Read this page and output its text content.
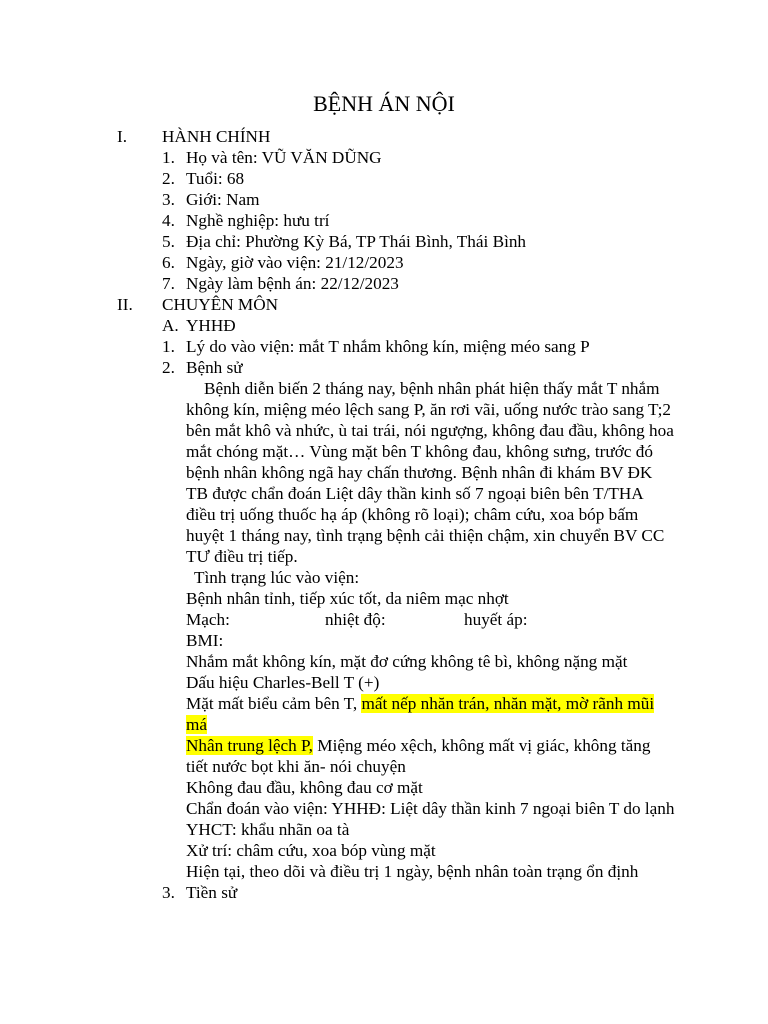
BỆNH ÁN NỘI
I. HÀNH CHÍNH
1. Họ và tên: VŨ VĂN DŨNG
2. Tuổi: 68
3. Giới: Nam
4. Nghề nghiệp: hưu trí
5. Địa chỉ: Phường Kỳ Bá, TP Thái Bình, Thái Bình
6. Ngày, giờ vào viện: 21/12/2023
7. Ngày làm bệnh án: 22/12/2023
II. CHUYÊN MÔN
A. YHHĐ
1. Lý do vào viện: mắt T nhắm không kín, miệng méo sang P
2. Bệnh sử
Bệnh diễn biến 2 tháng nay, bệnh nhân phát hiện thấy mắt T nhắm không kín, miệng méo lệch sang P, ăn rơi vãi, uống nước trào sang T;2 bên mắt khô và nhức, ù tai trái, nói ngượng, không đau đầu, không hoa mắt chóng mặt… Vùng mặt bên T không đau, không sưng, trước đó bệnh nhân không ngã hay chấn thương. Bệnh nhân đi khám BV ĐK TB được chẩn đoán Liệt dây thần kinh số 7 ngoại biên bên T/THA điều trị uống thuốc hạ áp (không rõ loại); châm cứu, xoa bóp bấm huyệt 1 tháng nay, tình trạng bệnh cải thiện chậm, xin chuyển BV CC TƯ điều trị tiếp.
Tình trạng lúc vào viện:
Bệnh nhân tỉnh, tiếp xúc tốt, da niêm mạc nhợt
Mạch:	nhiệt độ:	huyết áp:
BMI:
Nhắm mắt không kín, mặt đơ cứng không tê bì, không nặng mặt
Dấu hiệu Charles-Bell T (+)
Mặt mất biểu cảm bên T, mất nếp nhăn trán, nhăn mặt, mờ rãnh mũi má
Nhân trung lệch P, Miệng méo xệch, không mất vị giác, không tăng tiết nước bọt khi ăn- nói chuyện
Không đau đầu, không đau cơ mặt
Chẩn đoán vào viện: YHHĐ: Liệt dây thần kinh 7 ngoại biên T do lạnh
YHCT: khẩu nhãn oa tà
Xử trí: châm cứu, xoa bóp vùng mặt
Hiện tại, theo dõi và điều trị 1 ngày, bệnh nhân toàn trạng ổn định
3. Tiền sử
